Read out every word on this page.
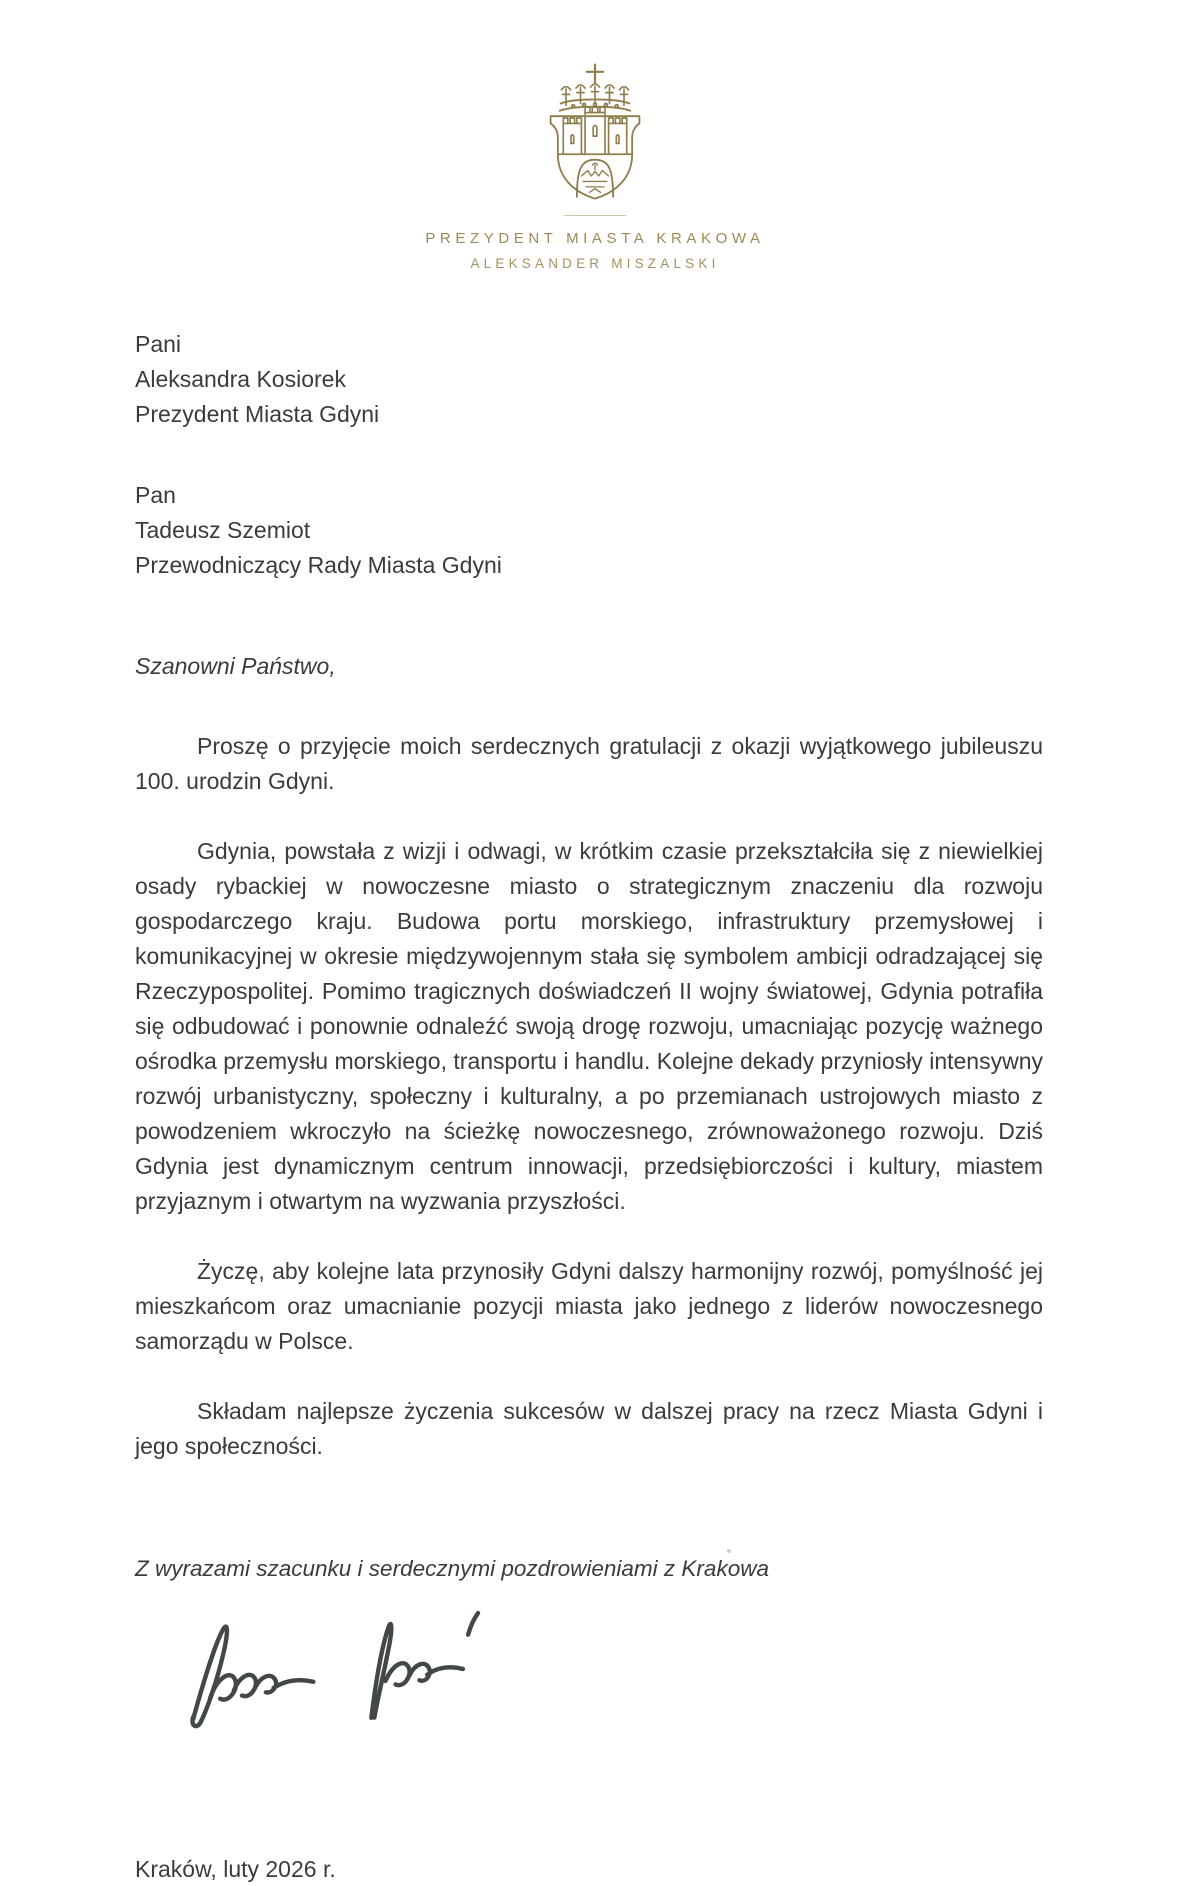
PREZYDENT MIASTA KRAKOWA
ALEKSANDER MISZALSKI
Pani
Aleksandra Kosiorek
Prezydent Miasta Gdyni
Pan
Tadeusz Szemiot
Przewodniczący Rady Miasta Gdyni
Szanowni Państwo,

Proszę o przyjęcie moich serdecznych gratulacji z okazji wyjątkowego jubileuszu 100. urodzin Gdyni.

Gdynia, powstała z wizji i odwagi, w krótkim czasie przekształciła się z niewielkiej osady rybackiej w nowoczesne miasto o strategicznym znaczeniu dla rozwoju gospodarczego kraju. Budowa portu morskiego, infrastruktury przemysłowej i komunikacyjnej w okresie międzywojennym stała się symbolem ambicji odradzającej się Rzeczypospolitej. Pomimo tragicznych doświadczeń II wojny światowej, Gdynia potrafiła się odbudować i ponownie odnaleźć swoją drogę rozwoju, umacniając pozycję ważnego ośrodka przemysłu morskiego, transportu i handlu. Kolejne dekady przyniosły intensywny rozwój urbanistyczny, społeczny i kulturalny, a po przemianach ustrojowych miasto z powodzeniem wkroczyło na ścieżkę nowoczesnego, zrównoważonego rozwoju. Dziś Gdynia jest dynamicznym centrum innowacji, przedsiębiorczości i kultury, miastem przyjaznym i otwartym na wyzwania przyszłości.

Życzę, aby kolejne lata przynosiły Gdyni dalszy harmonijny rozwój, pomyślność jej mieszkańcom oraz umacnianie pozycji miasta jako jednego z liderów nowoczesnego samorządu w Polsce.

Składam najlepsze życzenia sukcesów w dalszej pracy na rzecz Miasta Gdyni i jego społeczności.

Z wyrazami szacunku i serdecznymi pozdrowieniami z Krakowa
Kraków, luty 2026 r.
